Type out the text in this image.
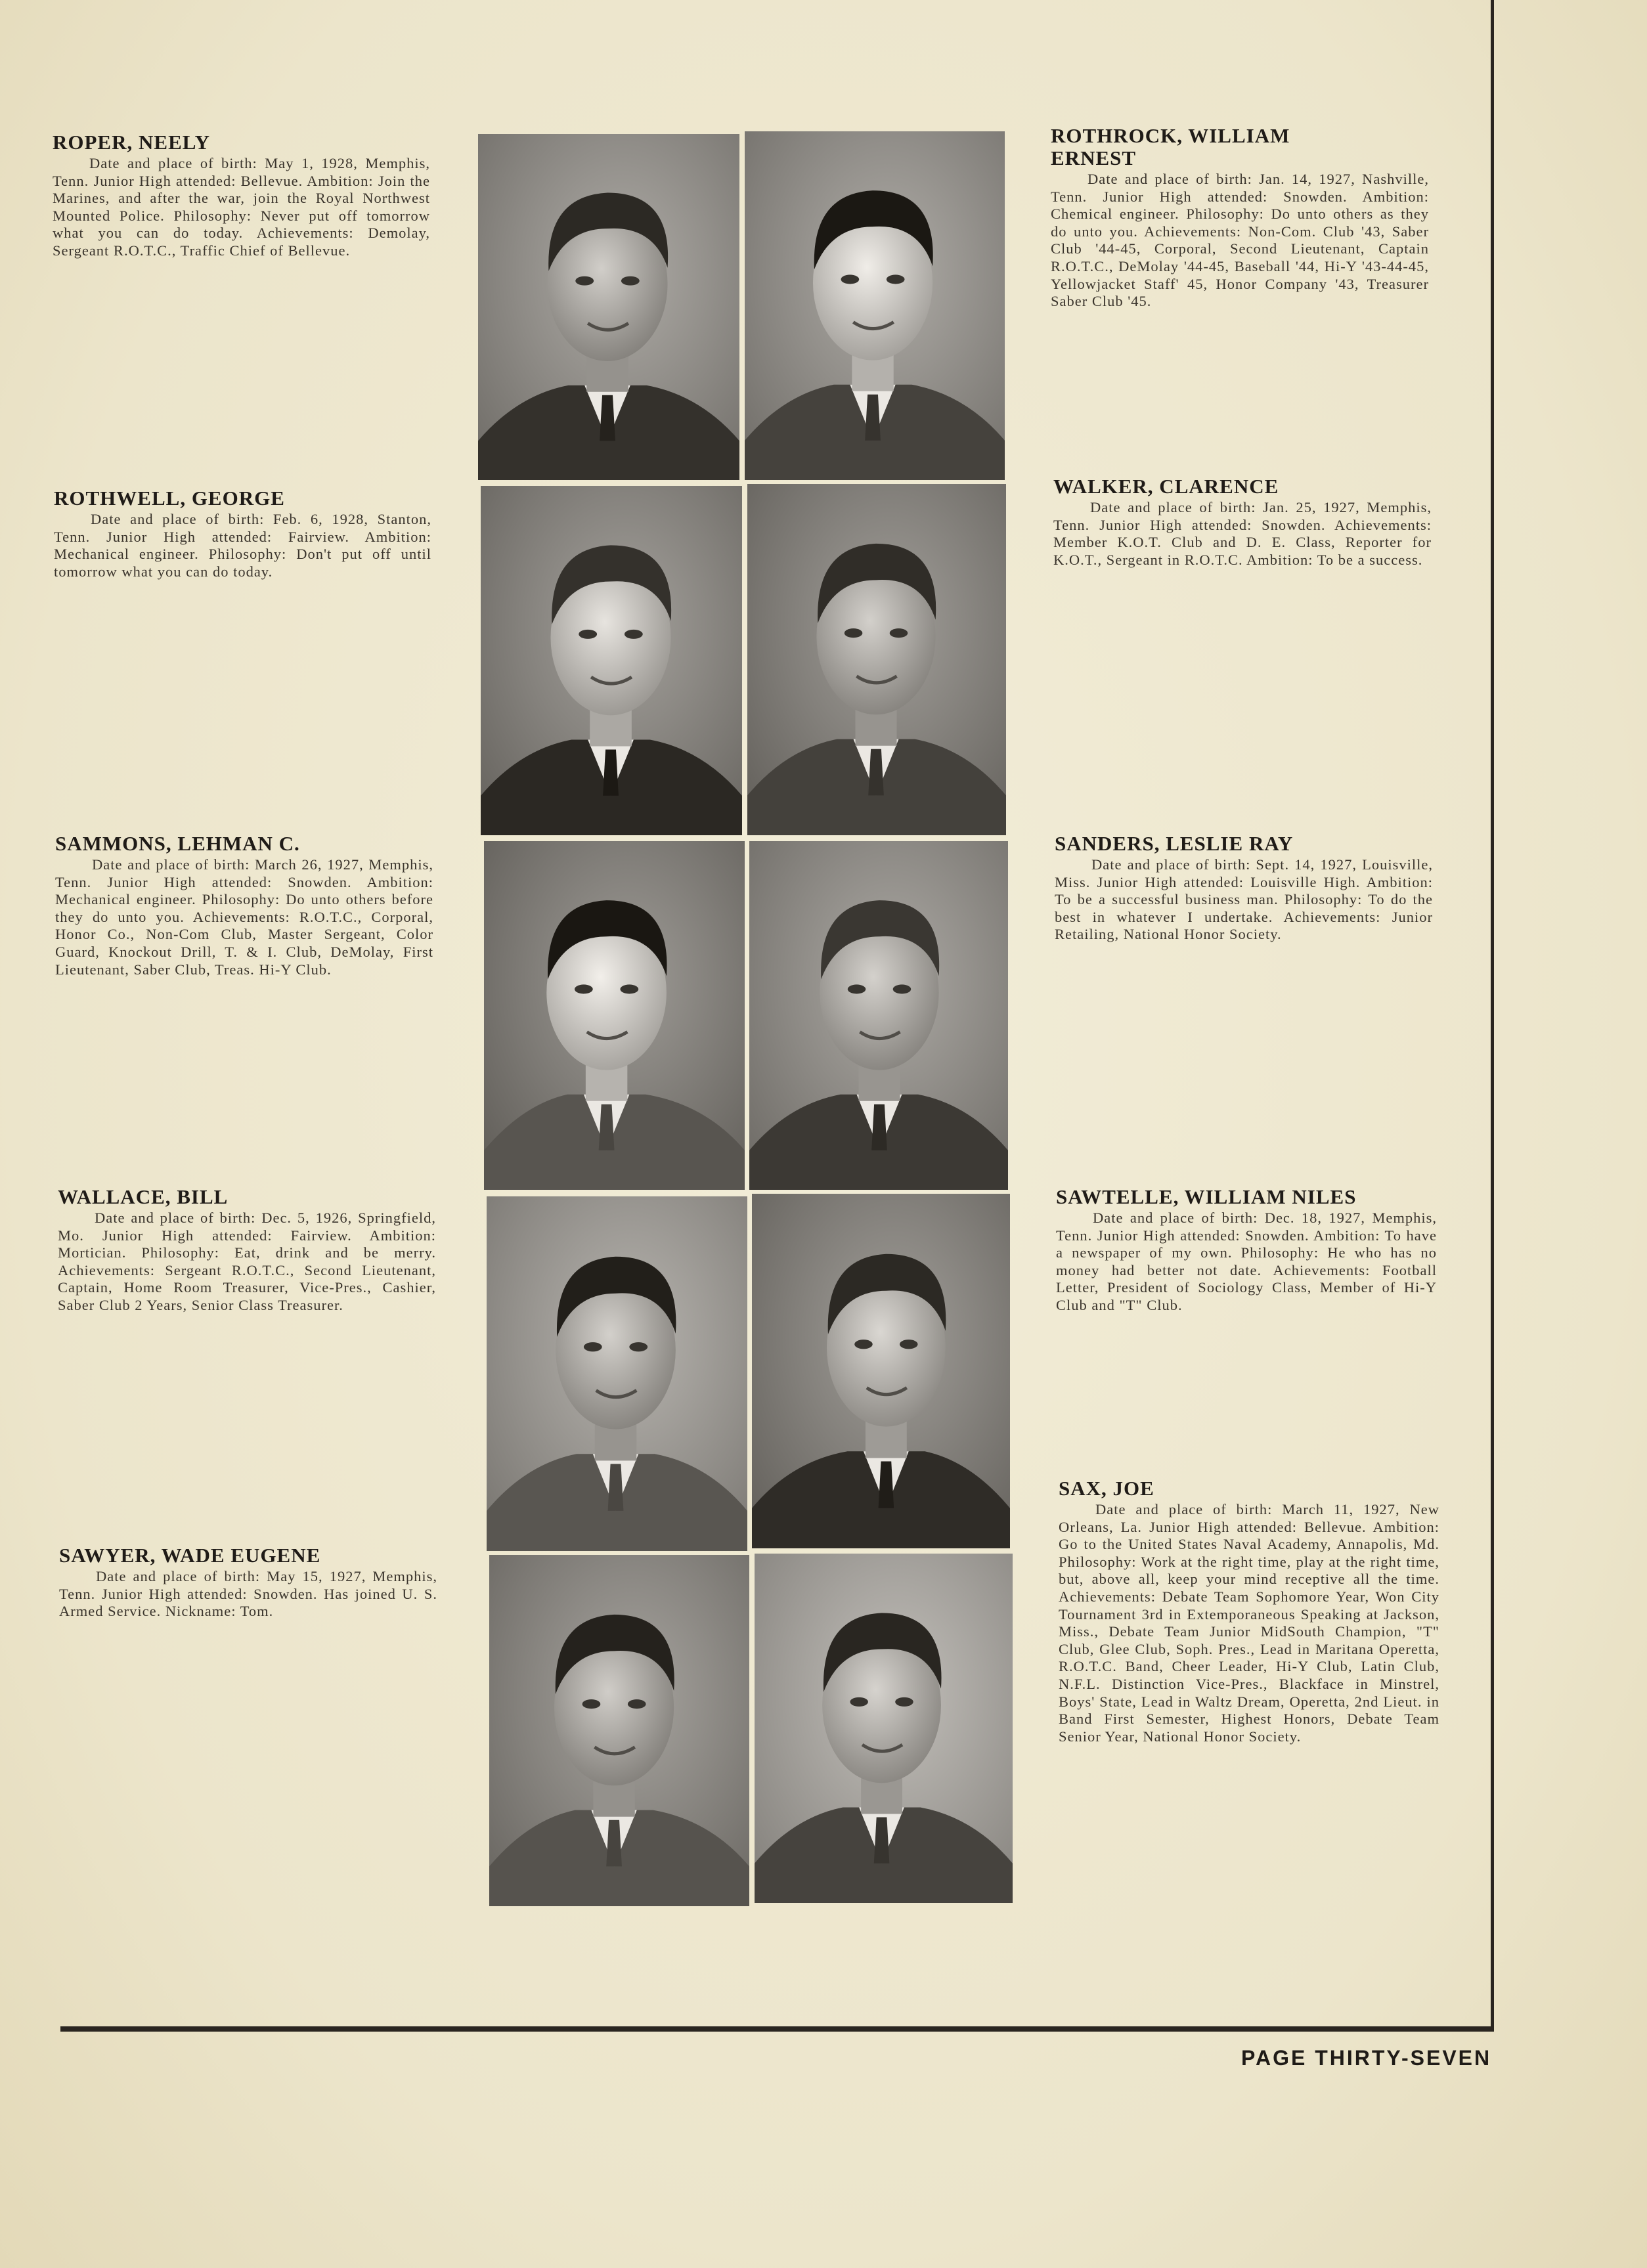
ROPER, NEELY
Date and place of birth: May 1, 1928, Memphis, Tenn. Junior High attended: Bellevue. Ambition: Join the Marines, and after the war, join the Royal Northwest Mounted Police. Philosophy: Never put off tomorrow what you can do today. Achievements: Demolay, Sergeant R.O.T.C., Traffic Chief of Bellevue.
ROTHWELL, GEORGE
Date and place of birth: Feb. 6, 1928, Stanton, Tenn. Junior High attended: Fairview. Ambition: Mechanical engineer. Philosophy: Don't put off until tomorrow what you can do today.
SAMMONS, LEHMAN C.
Date and place of birth: March 26, 1927, Memphis, Tenn. Junior High attended: Snowden. Ambition: Mechanical engineer. Philosophy: Do unto others before they do unto you. Achievements: R.O.T.C., Corporal, Honor Co., Non-Com Club, Master Sergeant, Color Guard, Knockout Drill, T. & I. Club, DeMolay, First Lieutenant, Saber Club, Treas. Hi-Y Club.
WALLACE, BILL
Date and place of birth: Dec. 5, 1926, Springfield, Mo. Junior High attended: Fairview. Ambition: Mortician. Philosophy: Eat, drink and be merry. Achievements: Sergeant R.O.T.C., Second Lieutenant, Captain, Home Room Treasurer, Vice-Pres., Cashier, Saber Club 2 Years, Senior Class Treasurer.
SAWYER, WADE EUGENE
Date and place of birth: May 15, 1927, Memphis, Tenn. Junior High attended: Snowden. Has joined U. S. Armed Service. Nickname: Tom.
ROTHROCK, WILLIAM ERNEST
Date and place of birth: Jan. 14, 1927, Nashville, Tenn. Junior High attended: Snowden. Ambition: Chemical engineer. Philosophy: Do unto others as they do unto you. Achievements: Non-Com. Club '43, Saber Club '44-45, Corporal, Second Lieutenant, Captain R.O.T.C., DeMolay '44-45, Baseball '44, Hi-Y '43-44-45, Yellowjacket Staff' 45, Honor Company '43, Treasurer Saber Club '45.
WALKER, CLARENCE
Date and place of birth: Jan. 25, 1927, Memphis, Tenn. Junior High attended: Snowden. Achievements: Member K.O.T. Club and D. E. Class, Reporter for K.O.T., Sergeant in R.O.T.C. Ambition: To be a success.
SANDERS, LESLIE RAY
Date and place of birth: Sept. 14, 1927, Louisville, Miss. Junior High attended: Louisville High. Ambition: To be a successful business man. Philosophy: To do the best in whatever I undertake. Achievements: Junior Retailing, National Honor Society.
SAWTELLE, WILLIAM NILES
Date and place of birth: Dec. 18, 1927, Memphis, Tenn. Junior High attended: Snowden. Ambition: To have a newspaper of my own. Philosophy: He who has no money had better not date. Achievements: Football Letter, President of Sociology Class, Member of Hi-Y Club and "T" Club.
SAX, JOE
Date and place of birth: March 11, 1927, New Orleans, La. Junior High attended: Bellevue. Ambition: Go to the United States Naval Academy, Annapolis, Md. Philosophy: Work at the right time, play at the right time, but, above all, keep your mind receptive all the time. Achievements: Debate Team Sophomore Year, Won City Tournament 3rd in Extemporaneous Speaking at Jackson, Miss., Debate Team Junior MidSouth Champion, "T" Club, Glee Club, Soph. Pres., Lead in Maritana Operetta, R.O.T.C. Band, Cheer Leader, Hi-Y Club, Latin Club, N.F.L. Distinction Vice-Pres., Blackface in Minstrel, Boys' State, Lead in Waltz Dream, Operetta, 2nd Lieut. in Band First Semester, Highest Honors, Debate Team Senior Year, National Honor Society.
PAGE THIRTY-SEVEN
